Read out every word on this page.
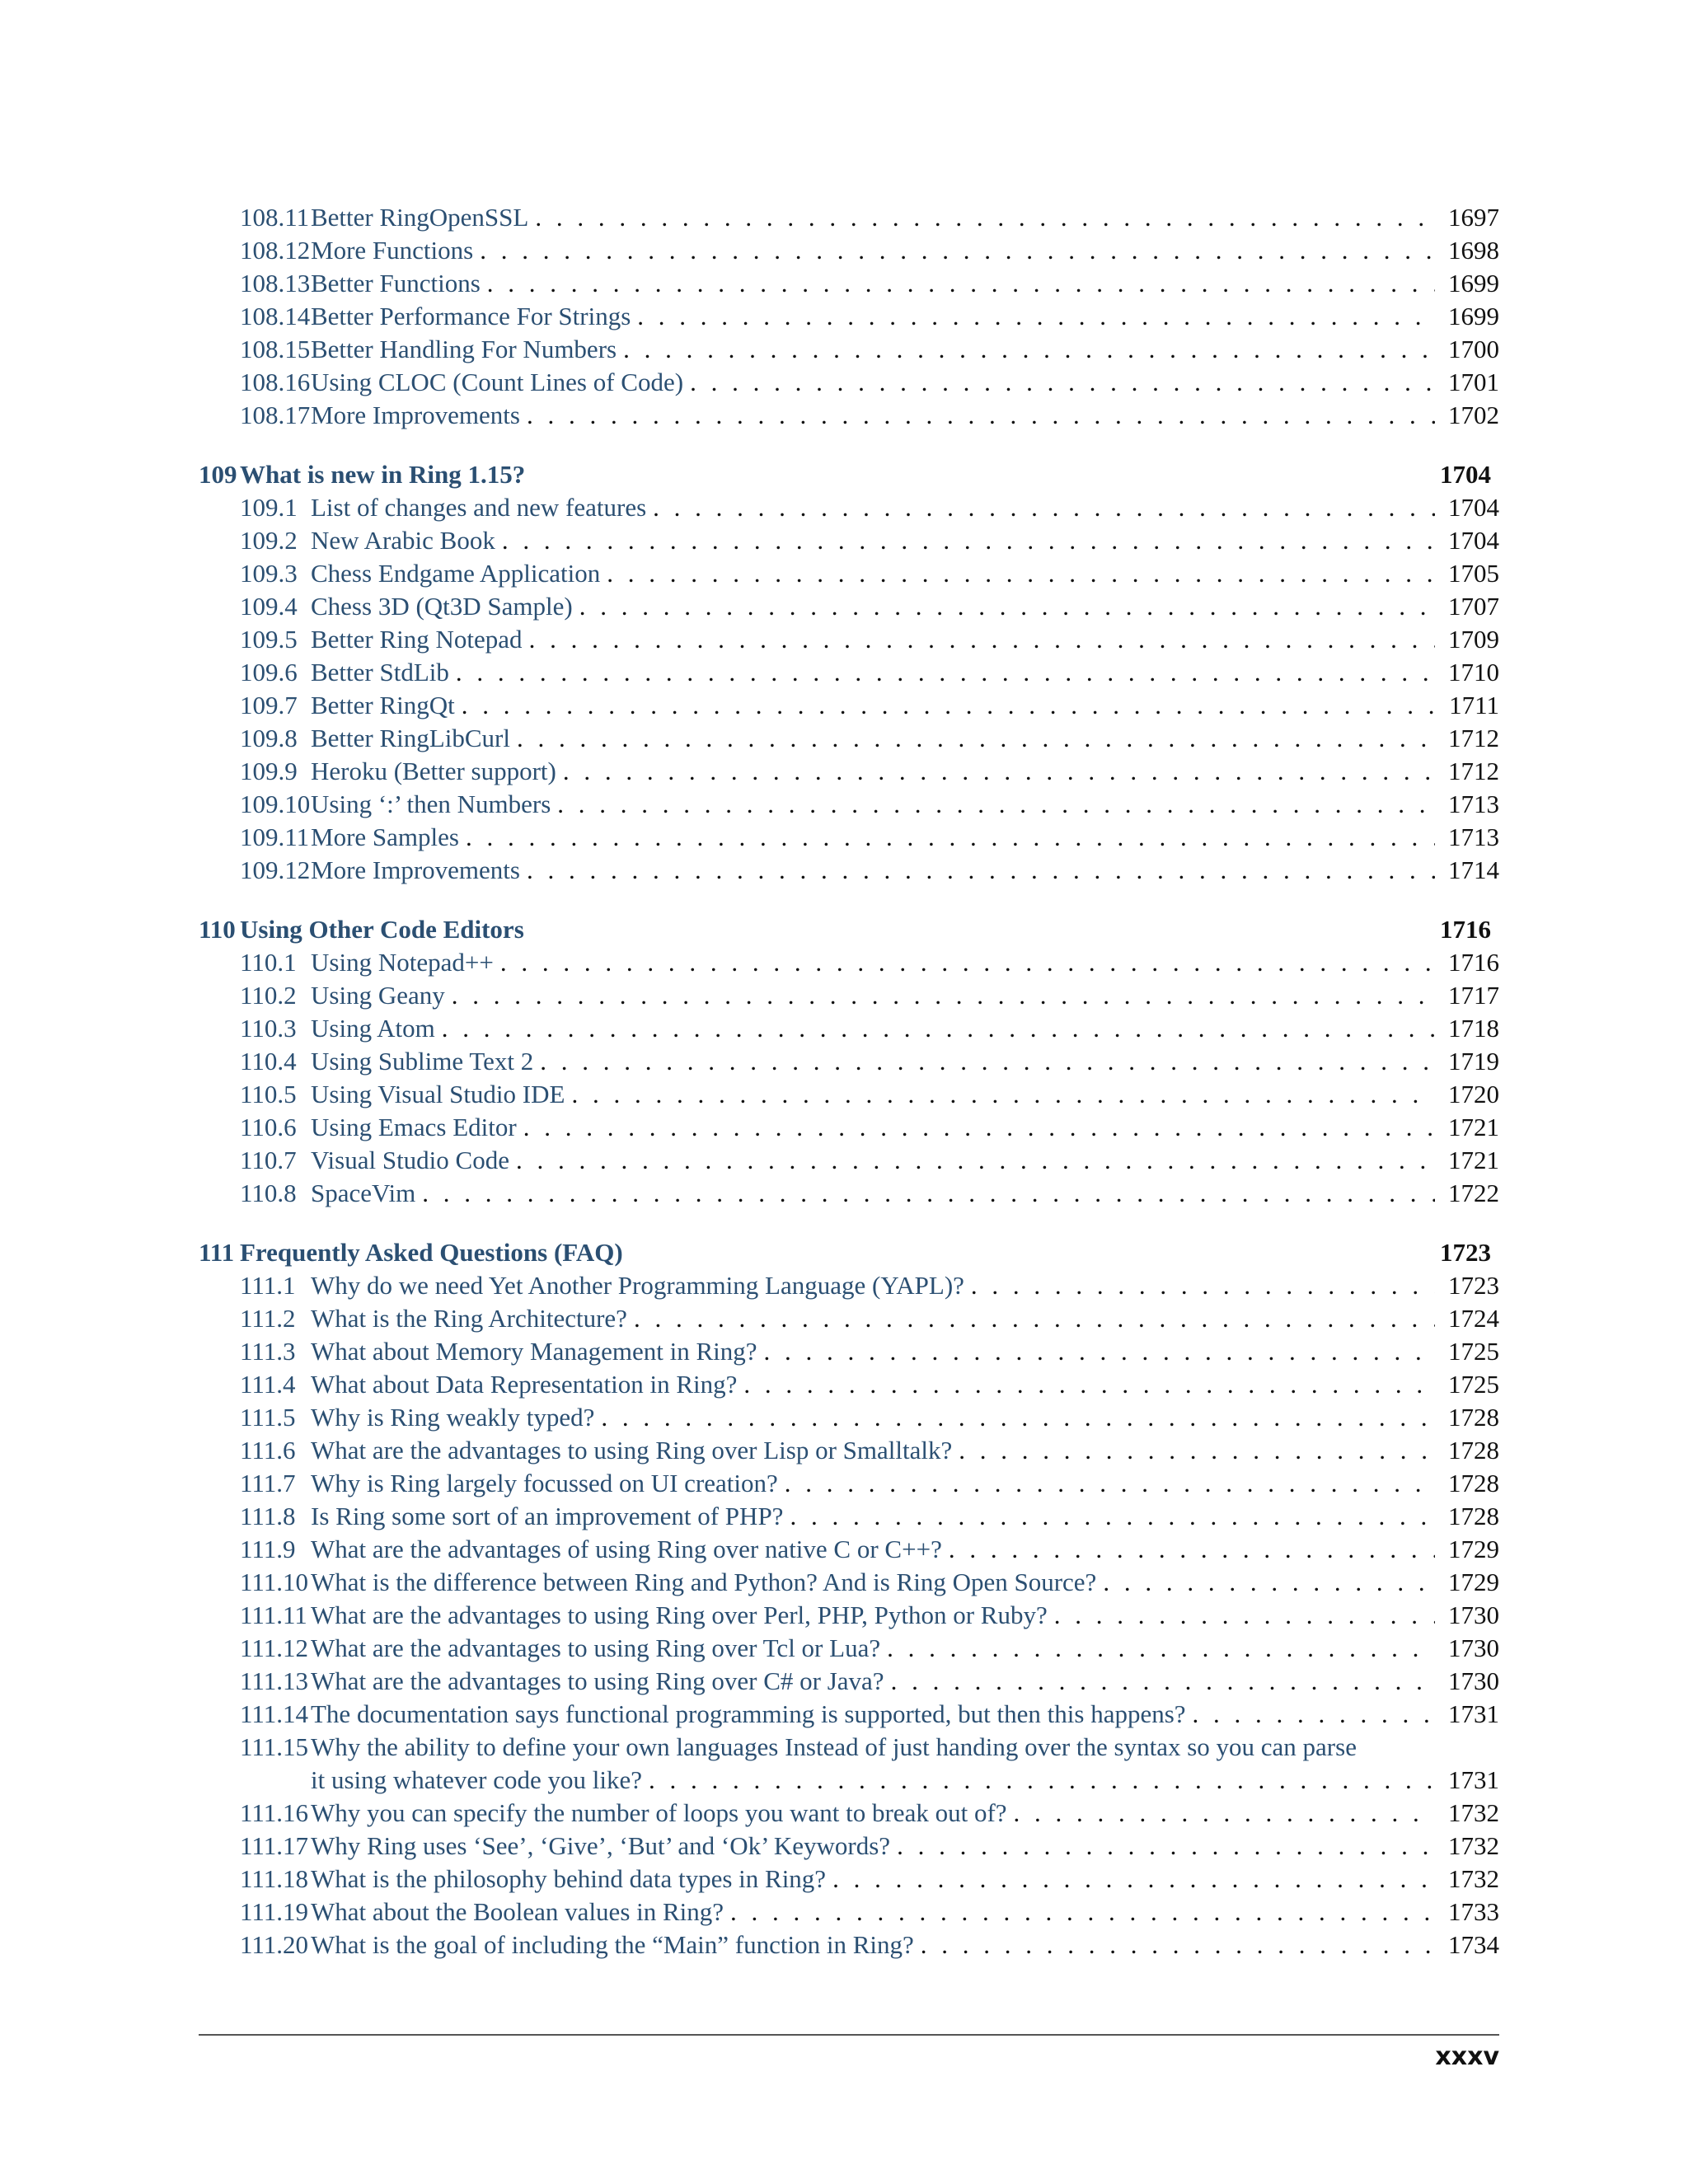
108.11 Better RingOpenSSL . . .	1697
108.12 More Functions . . .	1698
108.13 Better Functions . . .	1699
108.14 Better Performance For Strings . . .	1699
108.15 Better Handling For Numbers . . .	1700
108.16 Using CLOC (Count Lines of Code) . . .	1701
108.17 More Improvements . . .	1702
109 What is new in Ring 1.15?	1704
109.1 List of changes and new features . . .	1704
109.2 New Arabic Book . . .	1704
109.3 Chess Endgame Application . . .	1705
109.4 Chess 3D (Qt3D Sample) . . .	1707
109.5 Better Ring Notepad . . .	1709
109.6 Better StdLib . . .	1710
109.7 Better RingQt . . .	1711
109.8 Better RingLibCurl . . .	1712
109.9 Heroku (Better support) . . .	1712
109.10 Using ‘:’ then Numbers . . .	1713
109.11 More Samples . . .	1713
109.12 More Improvements . . .	1714
110 Using Other Code Editors	1716
110.1 Using Notepad++ . . .	1716
110.2 Using Geany . . .	1717
110.3 Using Atom . . .	1718
110.4 Using Sublime Text 2 . . .	1719
110.5 Using Visual Studio IDE . . .	1720
110.6 Using Emacs Editor . . .	1721
110.7 Visual Studio Code . . .	1721
110.8 SpaceVim . . .	1722
111 Frequently Asked Questions (FAQ)	1723
111.1 Why do we need Yet Another Programming Language (YAPL)? . . .	1723
111.2 What is the Ring Architecture? . . .	1724
111.3 What about Memory Management in Ring? . . .	1725
111.4 What about Data Representation in Ring? . . .	1725
111.5 Why is Ring weakly typed? . . .	1728
111.6 What are the advantages to using Ring over Lisp or Smalltalk? . . .	1728
111.7 Why is Ring largely focussed on UI creation? . . .	1728
111.8 Is Ring some sort of an improvement of PHP? . . .	1728
111.9 What are the advantages of using Ring over native C or C++? . . .	1729
111.10 What is the difference between Ring and Python? And is Ring Open Source? . . .	1729
111.11 What are the advantages to using Ring over Perl, PHP, Python or Ruby? . . .	1730
111.12 What are the advantages to using Ring over Tcl or Lua? . . .	1730
111.13 What are the advantages to using Ring over C# or Java? . . .	1730
111.14 The documentation says functional programming is supported, but then this happens? . . .	1731
111.15 Why the ability to define your own languages Instead of just handing over the syntax so you can parse
it using whatever code you like? . . .	1731
111.16 Why you can specify the number of loops you want to break out of? . . .	1732
111.17 Why Ring uses ‘See’, ‘Give’, ‘But’ and ‘Ok’ Keywords? . . .	1732
111.18 What is the philosophy behind data types in Ring? . . .	1732
111.19 What about the Boolean values in Ring? . . .	1733
111.20 What is the goal of including the “Main” function in Ring? . . .	1734
xxxv
